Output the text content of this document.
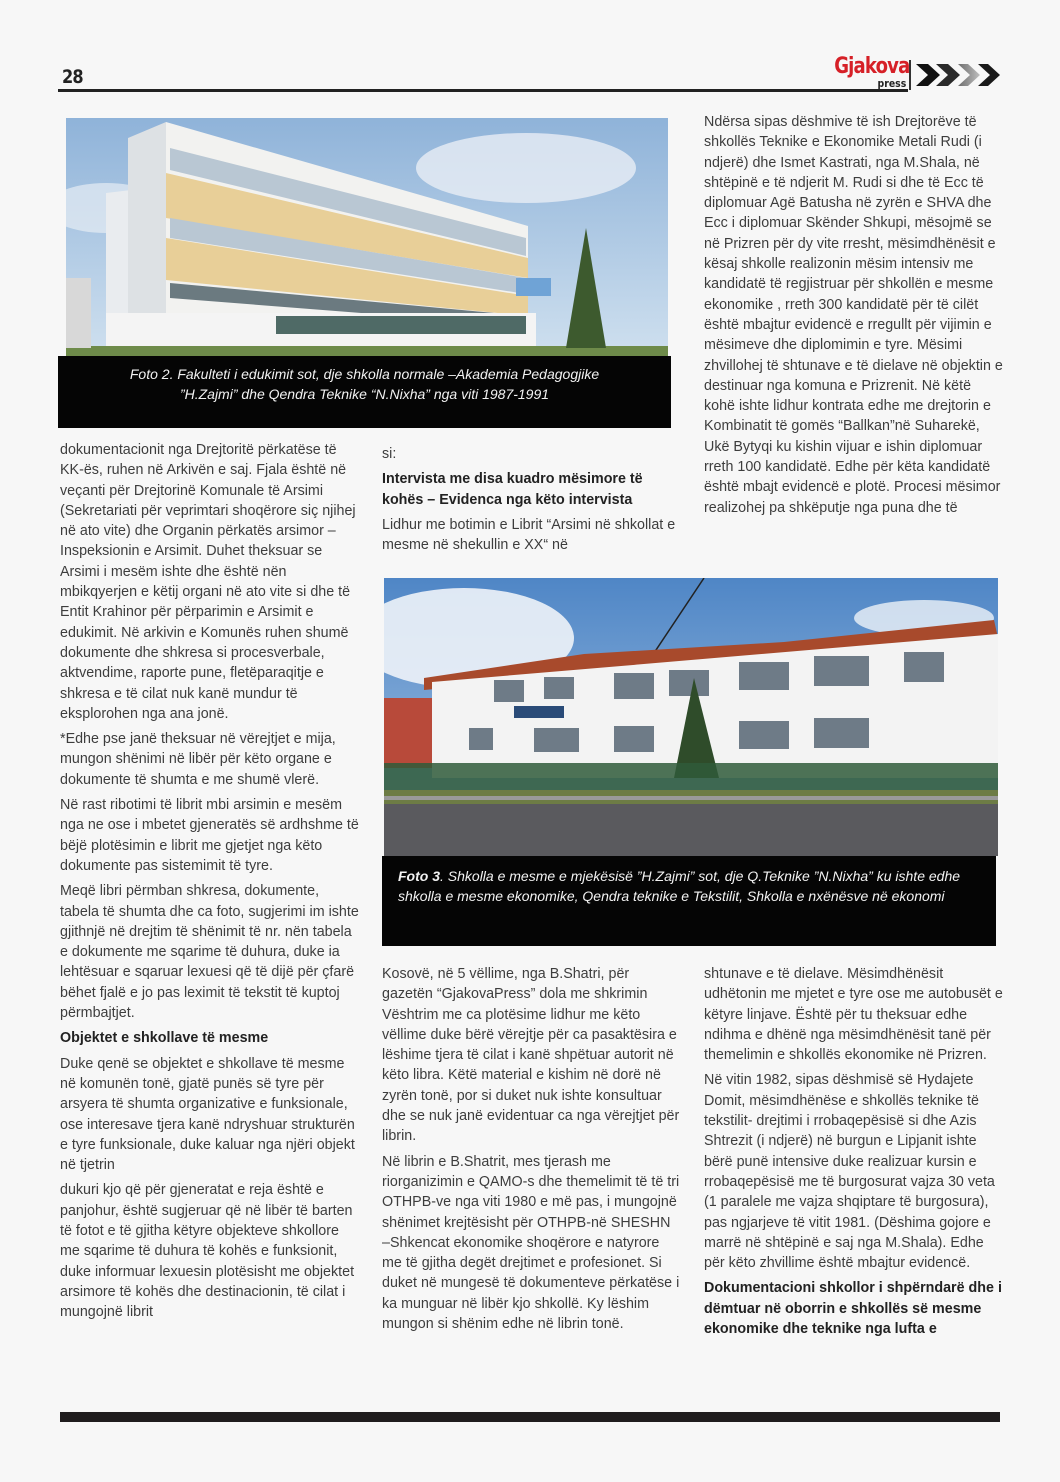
28	Gjakova
press
Foto 2. Fakulteti i edukimit sot, dje shkolla normale –Akademia Pedagogjike
”H.Zajmi” dhe Qendra Teknike “N.Nixha” nga viti 1987-1991

Ndërsa sipas dëshmive të ish Drejtorëve të shkollës Teknike e Ekonomike Metali Rudi (i ndjerë) dhe Ismet Kastrati, nga M.Shala, në shtëpinë e të ndjerit M. Rudi si dhe të Ecc të diplomuar Agë Batusha në zyrën e SHVA dhe Ecc i diplomuar Skënder Shkupi, mësojmë se në Prizren për dy vite rresht, mësimdhënësit e kësaj shkolle realizonin mësim intensiv me kandidatë të regjistruar për shkollën e mesme ekonomike , rreth 300 kandidatë për të cilët është mbajtur evidencë e rregullt për vijimin e mësimeve dhe diplomimin e tyre. Mësimi zhvillohej të shtunave e të dielave në objektin e destinuar nga komuna e Prizrenit. Në këtë kohë ishte lidhur kontrata edhe me drejtorin e Kombinatit të gomës “Ballkan”në Suharekë, Ukë Bytyqi ku kishin vijuar e ishin diplomuar rreth 100 kandidatë. Edhe për këta kandidatë është mbajt evidencë e plotë. Procesi mësimor realizohej pa shkëputje nga puna dhe të

dokumentacionit nga Drejtoritë përkatëse të KK-ës, ruhen në Arkivën e saj. Fjala është në veçanti për Drejtorinë Komunale të Arsimi (Sekretariati për veprimtari shoqërore siç njihej në ato vite) dhe Organin përkatës arsimor – Inspeksionin e Arsimit. Duhet theksuar se Arsimi i mesëm ishte dhe është nën mbikqyerjen e këtij organi në ato vite si dhe të Entit Krahinor për përparimin e Arsimit e edukimit. Në arkivin e Komunës ruhen shumë dokumente dhe shkresa si procesverbale, aktvendime, raporte pune, fletëparaqitje e shkresa e të cilat nuk kanë mundur të eksplorohen nga ana jonë.

*Edhe pse janë theksuar në vërejtjet e mija, mungon shënimi në libër për këto organe e dokumente të shumta e me shumë vlerë.

Në rast ribotimi të librit mbi arsimin e mesëm nga ne ose i mbetet gjeneratës së ardhshme të bëjë plotësimin e librit me gjetjet nga këto dokumente pas sistemimit të tyre.

Meqë libri përmban shkresa, dokumente, tabela të shumta dhe ca foto, sugjerimi im ishte gjithnjë në drejtim të shënimit të nr. nën tabela e dokumente me sqarime të duhura, duke ia lehtësuar e sqaruar lexuesi që të dijë për çfarë bëhet fjalë e jo pas leximit të tekstit të kuptoj përmbajtjet.

Objektet e shkollave të mesme

Duke qenë se objektet e shkollave të mesme në komunën tonë, gjatë punës së tyre për arsyera të shumta organizative e funksionale, ose interesave tjera kanë ndryshuar strukturën e tyre funksionale, duke kaluar nga njëri objekt në tjetrin

dukuri kjo që për gjeneratat e reja është e panjohur, është sugjeruar që në libër të barten të fotot e të gjitha këtyre objekteve shkollore me sqarime të duhura të kohës e funksionit, duke informuar lexuesin plotësisht me objektet arsimore të kohës dhe destinacionin, të cilat i mungojnë librit

si:

Intervista me disa kuadro mësimore të kohës – Evidenca nga këto intervista

Lidhur me botimin e Librit “Arsimi në shkollat e mesme në shekullin e XX“ në

Foto 3. Shkolla e mesme e mjekësisë ”H.Zajmi” sot, dje Q.Teknike ”N.Nixha” ku ishte edhe shkolla e mesme ekonomike, Qendra teknike e Tekstilit, Shkolla e nxënësve në ekonomi

Kosovë, në 5 vëllime, nga B.Shatri, për gazetën “GjakovaPress” dola me shkrimin Vështrim me ca plotësime lidhur me këto vëllime duke bërë vërejtje për ca pasaktësira e lëshime tjera të cilat i kanë shpëtuar autorit në këto libra. Këtë material e kishim në dorë në zyrën tonë, por si duket nuk ishte konsultuar dhe se nuk janë evidentuar ca nga vërejtjet për librin.

Në librin e B.Shatrit, mes tjerash me riorganizimin e QAMO-s dhe themelimit të të tri OTHPB-ve nga viti 1980 e më pas, i mungojnë shënimet krejtësisht për OTHPB-në SHESHN –Shkencat ekonomike shoqërore e natyrore me të gjitha degët drejtimet e profesionet. Si duket në mungesë të dokumenteve përkatëse i ka munguar në libër kjo shkollë. Ky lëshim mungon si shënim edhe në librin tonë.

shtunave e të dielave. Mësimdhënësit udhëtonin me mjetet e tyre ose me autobusët e këtyre linjave. Është për tu theksuar edhe ndihma e dhënë nga mësimdhënësit tanë për themelimin e shkollës ekonomike në Prizren.

Në vitin 1982, sipas dëshmisë së Hydajete Domit, mësimdhënëse e shkollës teknike të tekstilit- drejtimi i rrobaqepësisë si dhe Azis Shtrezit (i ndjerë) në burgun e Lipjanit ishte bërë punë intensive duke realizuar kursin e rrobaqepësisë me të burgosurat vajza 30 veta (1 paralele me vajza shqiptare të burgosura), pas ngjarjeve të vitit 1981. (Dëshima gojore e marrë në shtëpinë e saj nga M.Shala). Edhe për këto zhvillime është mbajtur evidencë.

Dokumentacioni shkollor i shpërndarë dhe i dëmtuar në oborrin e shkollës së mesme ekonomike dhe teknike nga lufta e
